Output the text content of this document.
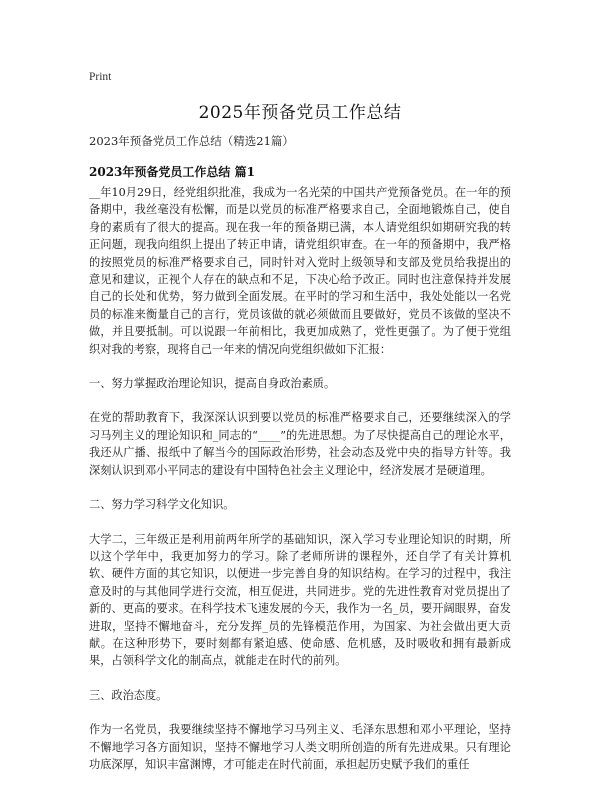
Print
2025年预备党员工作总结
2023年预备党员工作总结（精选21篇）
2023年预备党员工作总结 篇1

__年10月29日，经党组织批准，我成为一名光荣的中国共产党预备党员。在一年的预备期中，我丝毫没有松懈，而是以党员的标准严格要求自己，全面地锻炼自己，使自身的素质有了很大的提高。现在我一年的预备期已满，本人请党组织如期研究我的转正问题，现我向组织上提出了转正申请，请党组织审查。在一年的预备期中，我严格的按照党员的标准严格要求自己，同时针对入党时上级领导和支部及党员给我提出的意见和建议，正视个人存在的缺点和不足，下决心给予改正。同时也注意保持并发展自己的长处和优势，努力做到全面发展。在平时的学习和生活中，我处处能以一名党员的标准来衡量自己的言行，党员该做的就必须做而且要做好，党员不该做的坚决不做，并且要抵制。可以说跟一年前相比，我更加成熟了，党性更强了。为了便于党组织对我的考察，现将自己一年来的情况向党组织做如下汇报：

一、努力掌握政治理论知识，提高自身政治素质。

在党的帮助教育下，我深深认识到要以党员的标准严格要求自己，还要继续深入的学习马列主义的理论知识和_同志的“____”的先进思想。为了尽快提高自己的理论水平，我还从广播、报纸中了解当今的国际政治形势，社会动态及党中央的指导方针等。我深刻认识到邓小平同志的建设有中国特色社会主义理论中，经济发展才是硬道理。

二、努力学习科学文化知识。

大学二，三年级正是利用前两年所学的基础知识，深入学习专业理论知识的时期，所以这个学年中，我更加努力的学习。除了老师所讲的课程外，还自学了有关计算机软、硬件方面的其它知识，以便进一步完善自身的知识结构。在学习的过程中，我注意及时的与其他同学进行交流，相互促进，共同进步。党的先进性教育对党员提出了新的、更高的要求。在科学技术飞速发展的今天，我作为一名_员，要开阔眼界，奋发进取，坚持不懈地奋斗，充分发挥_员的先锋模范作用，为国家、为社会做出更大贡献。在这种形势下，要时刻都有紧迫感、使命感、危机感，及时吸收和拥有最新成果，占领科学文化的制高点，就能走在时代的前列。

三、政治态度。

作为一名党员，我要继续坚持不懈地学习马列主义、毛泽东思想和邓小平理论，坚持不懈地学习各方面知识，坚持不懈地学习人类文明所创造的所有先进成果。只有理论功底深厚，知识丰富渊博，才可能走在时代前面，承担起历史赋予我们的重任
